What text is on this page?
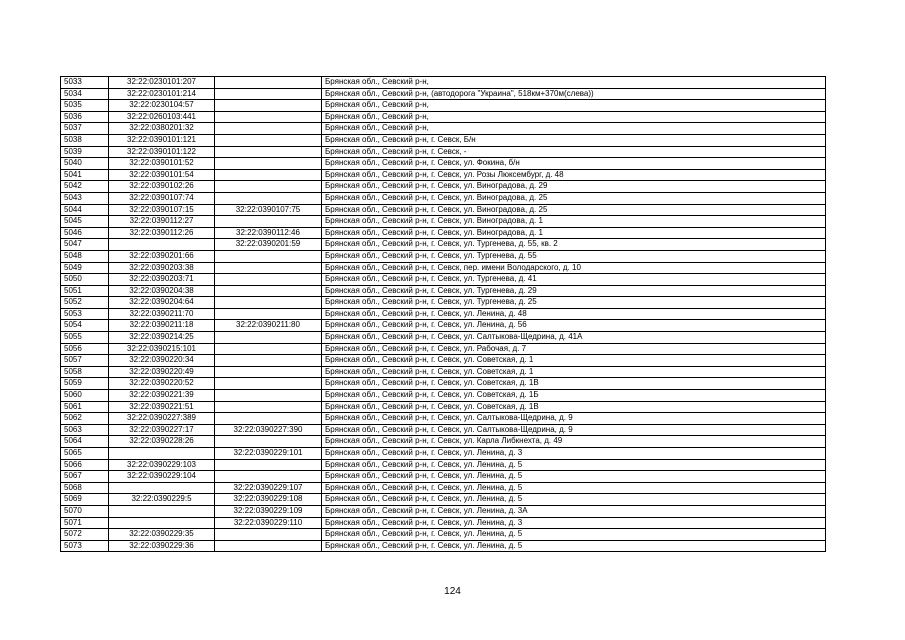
5033	32:22:0230101:207		Брянская обл., Севский р-н,
5034	32:22:0230101:214		Брянская обл., Севский р-н, (автодорога "Украина", 518км+370м(слева))
5035	32:22:0230104:57		Брянская обл., Севский р-н,
5036	32:22:0260103:441		Брянская обл., Севский р-н,
5037	32:22:0380201:32		Брянская обл., Севский р-н,
5038	32:22:0390101:121		Брянская обл., Севский р-н, г. Севск, Б/н
5039	32:22:0390101:122		Брянская обл., Севский р-н, г. Севск, -
5040	32:22:0390101:52		Брянская обл., Севский р-н, г. Севск, ул. Фокина, б/н
5041	32:22:0390101:54		Брянская обл., Севский р-н, г. Севск, ул. Розы Люксембург, д. 48
5042	32:22:0390102:26		Брянская обл., Севский р-н, г. Севск, ул. Виноградова, д. 29
5043	32:22:0390107:74		Брянская обл., Севский р-н, г. Севск, ул. Виноградова, д. 25
5044	32:22:0390107:15	32:22:0390107:75	Брянская обл., Севский р-н, г. Севск, ул. Виноградова, д. 25
5045	32:22:0390112:27		Брянская обл., Севский р-н, г. Севск, ул. Виноградова, д. 1
5046	32:22:0390112:26	32:22:0390112:46	Брянская обл., Севский р-н, г. Севск, ул. Виноградова, д. 1
5047		32:22:0390201:59	Брянская обл., Севский р-н, г. Севск, ул. Тургенева, д. 55, кв. 2
5048	32:22:0390201:66		Брянская обл., Севский р-н, г. Севск, ул. Тургенева, д. 55
5049	32:22:0390203:38		Брянская обл., Севский р-н, г. Севск, пер. имени Володарского, д. 10
5050	32:22:0390203:71		Брянская обл., Севский р-н, г. Севск, ул. Тургенева, д. 41
5051	32:22:0390204:38		Брянская обл., Севский р-н, г. Севск, ул. Тургенева, д. 29
5052	32:22:0390204:64		Брянская обл., Севский р-н, г. Севск, ул. Тургенева, д. 25
5053	32:22:0390211:70		Брянская обл., Севский р-н, г. Севск, ул. Ленина, д. 48
5054	32:22:0390211:18	32:22:0390211:80	Брянская обл., Севский р-н, г. Севск, ул. Ленина, д. 56
5055	32:22:0390214:25		Брянская обл., Севский р-н, г. Севск, ул. Салтыкова-Щедрина, д. 41А
5056	32:22:0390215:101		Брянская обл., Севский р-н, г. Севск, ул. Рабочая, д. 7
5057	32:22:0390220:34		Брянская обл., Севский р-н, г. Севск, ул. Советская, д. 1
5058	32:22:0390220:49		Брянская обл., Севский р-н, г. Севск, ул. Советская, д. 1
5059	32:22:0390220:52		Брянская обл., Севский р-н, г. Севск, ул. Советская, д. 1В
5060	32:22:0390221:39		Брянская обл., Севский р-н, г. Севск, ул. Советская, д. 1Б
5061	32:22:0390221:51		Брянская обл., Севский р-н, г. Севск, ул. Советская, д. 1В
5062	32:22:0390227:389		Брянская обл., Севский р-н, г. Севск, ул. Салтыкова-Щедрина, д. 9
5063	32:22:0390227:17	32:22:0390227:390	Брянская обл., Севский р-н, г. Севск, ул. Салтыкова-Щедрина, д. 9
5064	32:22:0390228:26		Брянская обл., Севский р-н, г. Севск, ул. Карла Либкнехта, д. 49
5065		32:22:0390229:101	Брянская обл., Севский р-н, г. Севск, ул. Ленина, д. 3
5066	32:22:0390229:103		Брянская обл., Севский р-н, г. Севск, ул. Ленина, д. 5
5067	32:22:0390229:104		Брянская обл., Севский р-н, г. Севск, ул. Ленина, д. 5
5068		32:22:0390229:107	Брянская обл., Севский р-н, г. Севск, ул. Ленина, д. 5
5069	32:22:0390229:5	32:22:0390229:108	Брянская обл., Севский р-н, г. Севск, ул. Ленина, д. 5
5070		32:22:0390229:109	Брянская обл., Севский р-н, г. Севск, ул. Ленина, д. 3А
5071		32:22:0390229:110	Брянская обл., Севский р-н, г. Севск, ул. Ленина, д. 3
5072	32:22:0390229:35		Брянская обл., Севский р-н, г. Севск, ул. Ленина, д. 5
5073	32:22:0390229:36		Брянская обл., Севский р-н, г. Севск, ул. Ленина, д. 5
124
